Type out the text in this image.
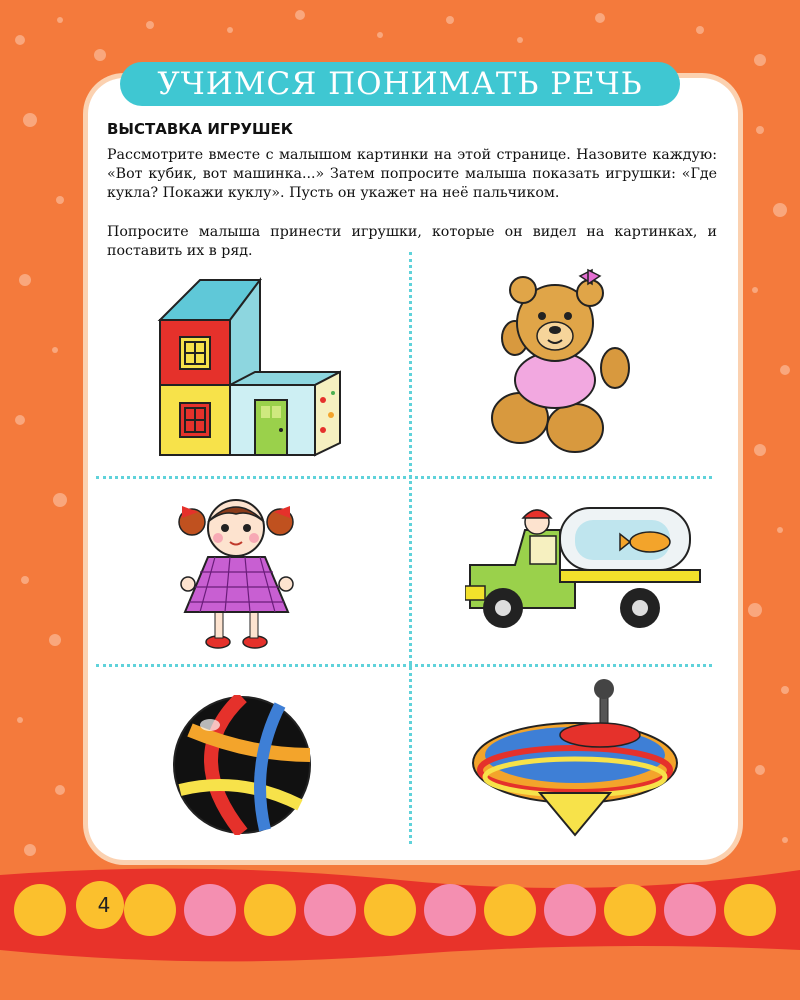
УЧИМСЯ ПОНИМАТЬ РЕЧЬ
ВЫСТАВКА ИГРУШЕК

Рассмотрите вместе с малышом картинки на этой странице. Назовите каждую: «Вот кубик, вот машинка...» Затем попросите малыша показать игрушки: «Где кукла? Покажи куклу». Пусть он укажет на неё пальчиком.

Попросите малыша принести игрушки, которые он видел на картинках, и поставить их в ряд.

4
